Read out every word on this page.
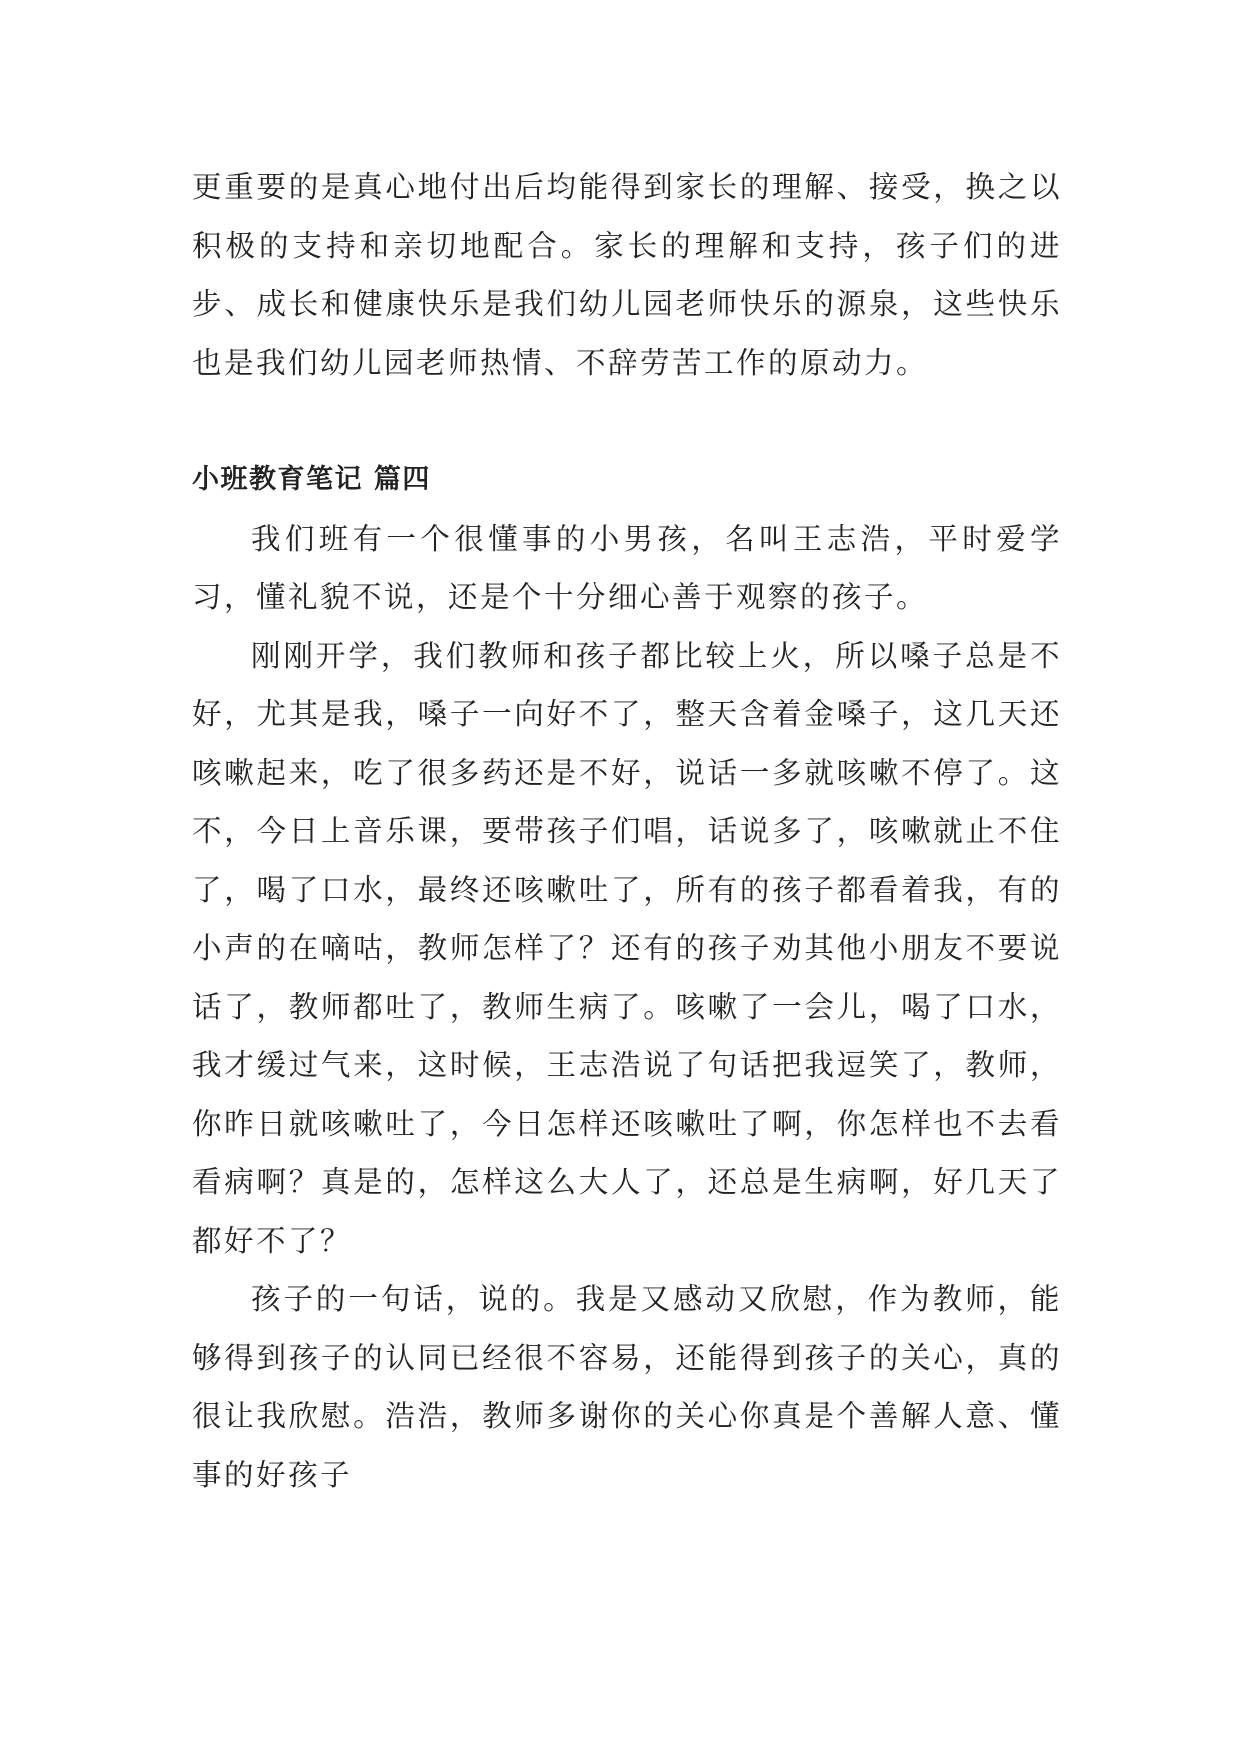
更重要的是真心地付出后均能得到家长的理解、接受，换之以积极的支持和亲切地配合。家长的理解和支持，孩子们的进步、成长和健康快乐是我们幼儿园老师快乐的源泉，这些快乐也是我们幼儿园老师热情、不辞劳苦工作的原动力。

小班教育笔记 篇四

我们班有一个很懂事的小男孩，名叫王志浩，平时爱学习，懂礼貌不说，还是个十分细心善于观察的孩子。

刚刚开学，我们教师和孩子都比较上火，所以嗓子总是不好，尤其是我，嗓子一向好不了，整天含着金嗓子，这几天还咳嗽起来，吃了很多药还是不好，说话一多就咳嗽不停了。这不，今日上音乐课，要带孩子们唱，话说多了，咳嗽就止不住了，喝了口水，最终还咳嗽吐了，所有的孩子都看着我，有的小声的在嘀咕，教师怎样了？还有的孩子劝其他小朋友不要说话了，教师都吐了，教师生病了。咳嗽了一会儿，喝了口水，我才缓过气来，这时候，王志浩说了句话把我逗笑了，教师，你昨日就咳嗽吐了，今日怎样还咳嗽吐了啊，你怎样也不去看看病啊？真是的，怎样这么大人了，还总是生病啊，好几天了都好不了？

孩子的一句话，说的。我是又感动又欣慰，作为教师，能够得到孩子的认同已经很不容易，还能得到孩子的关心，真的很让我欣慰。浩浩，教师多谢你的关心你真是个善解人意、懂事的好孩子
